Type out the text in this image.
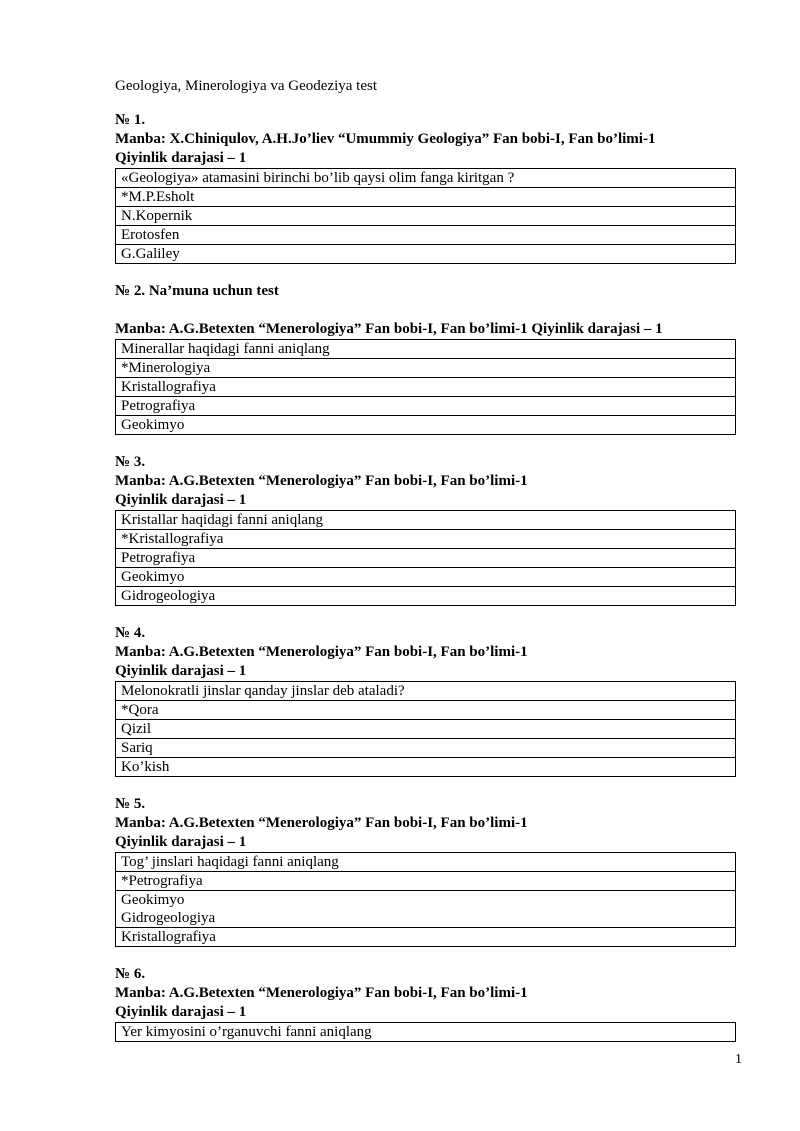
Geologiya, Minerologiya va Geodeziya test
№ 1.
Manba: X.Chiniqulov, A.H.Jo’liev “Umummiy Geologiya” Fan bobi-I, Fan bo’limi-1
Qiyinlik darajasi – 1
«Geologiya» atamasini birinchi bo’lib qaysi olim fanga kiritgan ?
*M.P.Esholt
N.Kopernik
Erotosfen
G.Galiley
№ 2. Na’muna uchun test
Manba: A.G.Betexten “Menerologiya” Fan bobi-I, Fan bo’limi-1 Qiyinlik darajasi – 1
Minerallar haqidagi fanni aniqlang
*Minerologiya
Kristallografiya
Petrografiya
Geokimyo
№ 3.
Manba: A.G.Betexten “Menerologiya” Fan bobi-I, Fan bo’limi-1
Qiyinlik darajasi – 1
Kristallar haqidagi fanni aniqlang
*Kristallografiya
Petrografiya
Geokimyo
Gidrogeologiya
№ 4.
Manba: A.G.Betexten “Menerologiya” Fan bobi-I, Fan bo’limi-1
Qiyinlik darajasi – 1
Melonokratli jinslar qanday jinslar deb ataladi?
*Qora
Qizil
Sariq
Ko’kish
№ 5.
Manba: A.G.Betexten “Menerologiya” Fan bobi-I, Fan bo’limi-1
Qiyinlik darajasi – 1
Tog’ jinslari haqidagi fanni aniqlang
*Petrografiya
Geokimyo
Gidrogeologiya
Kristallografiya
№ 6.
Manba: A.G.Betexten “Menerologiya” Fan bobi-I, Fan bo’limi-1
Qiyinlik darajasi – 1
Yer kimyosini o’rganuvchi fanni aniqlang
1
